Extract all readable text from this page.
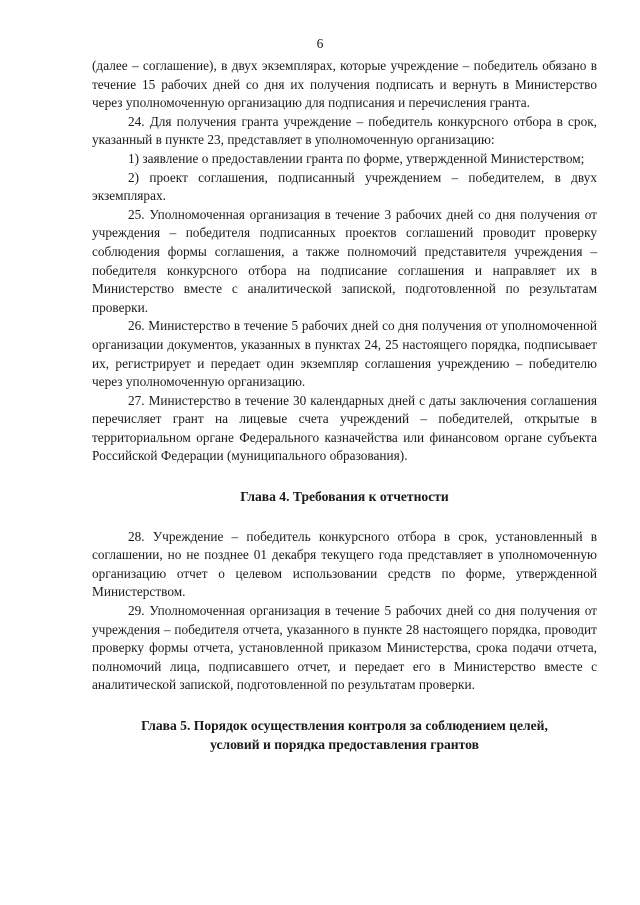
6

(далее – соглашение), в двух экземплярах, которые учреждение – победитель обязано в течение 15 рабочих дней со дня их получения подписать и вернуть в Министерство через уполномоченную организацию для подписания и перечисления гранта.

24. Для получения гранта учреждение – победитель конкурсного отбора в срок, указанный в пункте 23, представляет в уполномоченную организацию:

1) заявление о предоставлении гранта по форме, утвержденной Министерством;

2) проект соглашения, подписанный учреждением – победителем, в двух экземплярах.

25. Уполномоченная организация в течение 3 рабочих дней со дня получения от учреждения – победителя подписанных проектов соглашений проводит проверку соблюдения формы соглашения, а также полномочий представителя учреждения – победителя конкурсного отбора на подписание соглашения и направляет их в Министерство вместе с аналитической запиской, подготовленной по результатам проверки.

26. Министерство в течение 5 рабочих дней со дня получения от уполномоченной организации документов, указанных в пунктах 24, 25 настоящего порядка, подписывает их, регистрирует и передает один экземпляр соглашения учреждению – победителю через уполномоченную организацию.

27. Министерство в течение 30 календарных дней с даты заключения соглашения перечисляет грант на лицевые счета учреждений – победителей, открытые в территориальном органе Федерального казначейства или финансовом органе субъекта Российской Федерации (муниципального образования).

Глава 4. Требования к отчетности

28. Учреждение – победитель конкурсного отбора в срок, установленный в соглашении, но не позднее 01 декабря текущего года представляет в уполномоченную организацию отчет о целевом использовании средств по форме, утвержденной Министерством.

29. Уполномоченная организация в течение 5 рабочих дней со дня получения от учреждения – победителя отчета, указанного в пункте 28 настоящего порядка, проводит проверку формы отчета, установленной приказом Министерства, срока подачи отчета, полномочий лица, подписавшего отчет, и передает его в Министерство вместе с аналитической запиской, подготовленной по результатам проверки.

Глава 5. Порядок осуществления контроля за соблюдением целей,
условий и порядка предоставления грантов
